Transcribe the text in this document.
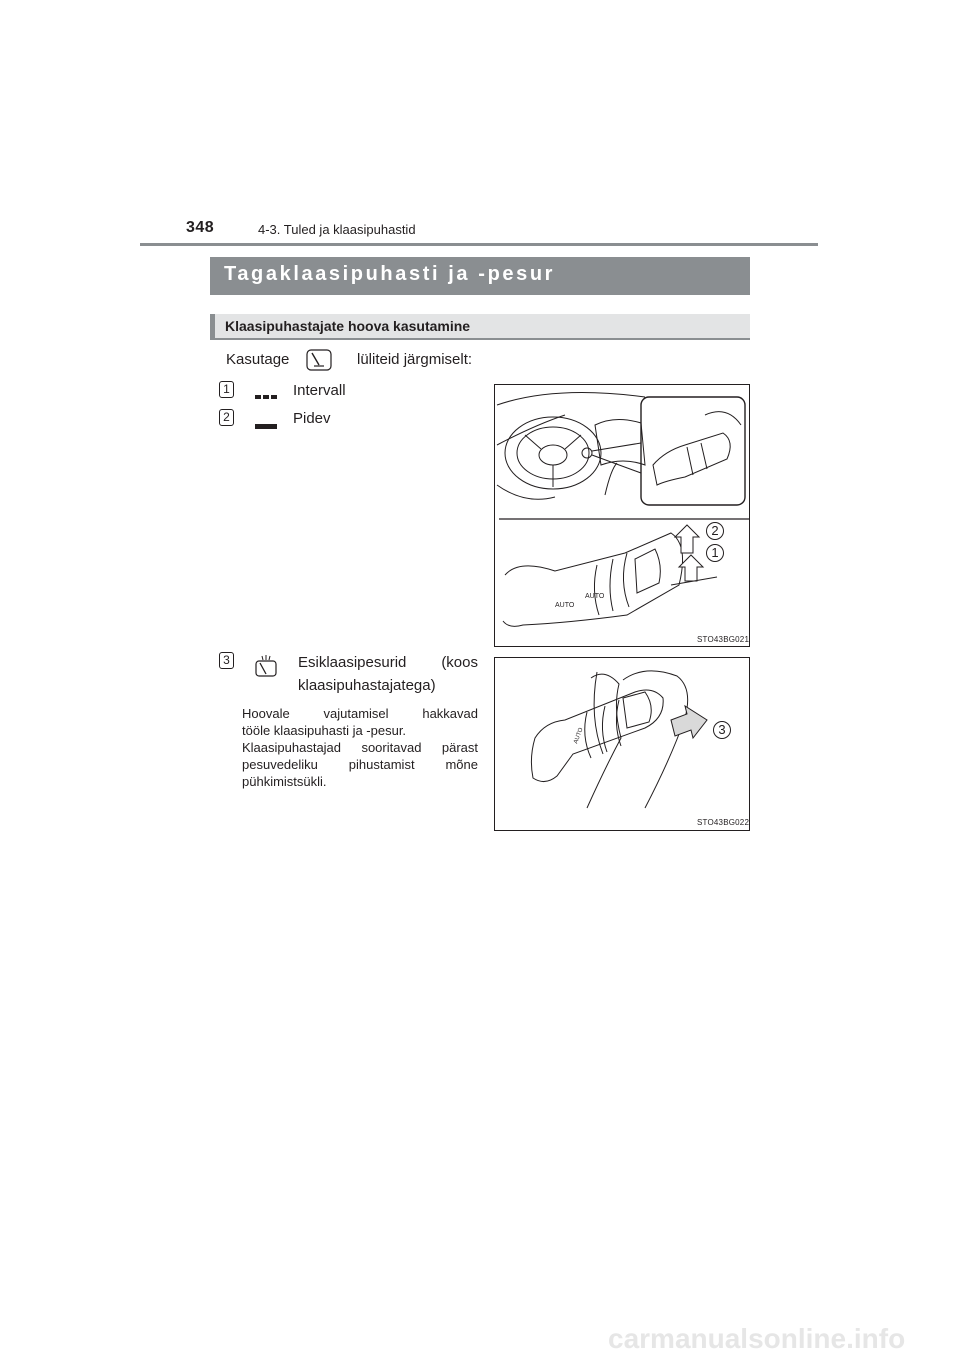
348	4-3. Tuled ja klaasipuhastid
Tagaklaasipuhasti ja -pesur
Klaasipuhastajate hoova kasutamine
Kasutage	lüliteid järgmiselt:
1	Intervall
2	Pidev
AUTO
AUTO
2
1
STO43BG021
3	Esiklaasipesurid (koos
klaasipuhastajatega)
Hoovale vajutamisel hakkavad
tööle klaasipuhasti ja -pesur.
Klaasipuhastajad sooritavad pärast
pesuvedeliku pihustamist mõne
pühkimistsükli.
AUTO	3
STO43BG022
carmanualsonline.info
